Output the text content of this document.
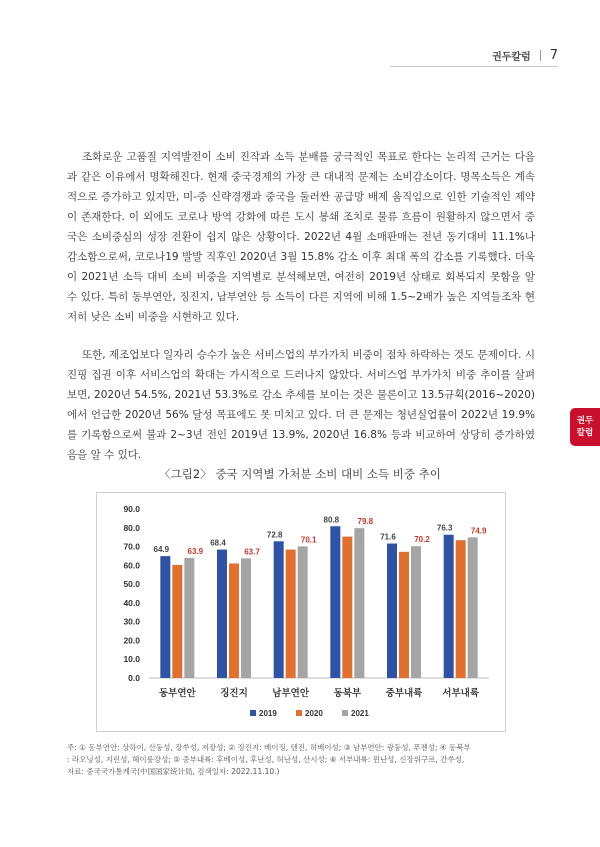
권두칼럼 7

조화로운 고품질 지역발전이 소비 진작과 소득 분배를 궁극적인 목표로 한다는 논리적 근거는 다음과 같은 이유에서 명확해진다. 현재 중국경제의 가장 큰 대내적 문제는 소비감소이다. 명목소득은 계속적으로 증가하고 있지만, 미-중 신략경쟁과 중국을 둘러싼 공급망 배제 움직임으로 인한 기술적인 제약이 존재한다. 이 외에도 코로나 방역 강화에 따른 도시 봉쇄 조치로 물류 흐름이 원활하지 않으면서 중국은 소비중심의 성장 전환이 쉽지 않은 상황이다. 2022년 4월 소매판매는 전년 동기대비 11.1%나 감소함으로써, 코로나19 발발 직후인 2020년 3월 15.8% 감소 이후 최대 폭의 감소를 기록했다. 더욱이 2021년 소득 대비 소비 비중을 지역별로 분석해보면, 여전히 2019년 상태로 회복되지 못함을 알 수 있다. 특히 동부연안, 징진지, 남부연안 등 소득이 다른 지역에 비해 1.5~2배가 높은 지역들조차 현저히 낮은 소비 비중을 시현하고 있다.

또한, 제조업보다 일자리 승수가 높은 서비스업의 부가가치 비중이 점차 하락하는 것도 문제이다. 시진핑 집권 이후 서비스업의 확대는 가시적으로 드러나지 않았다. 서비스업 부가가치 비중 추이를 살펴보면, 2020년 54.5%, 2021년 53.3%로 감소 추세를 보이는 것은 물론이고 13.5규획(2016~2020)에서 언급한 2020년 56% 달성 목표에도 못 미치고 있다. 더 큰 문제는 청년실업률이 2022년 19.9%를 기록함으로써 불과 2~3년 전인 2019년 13.9%, 2020년 16.8% 등과 비교하여 상당히 증가하였음을 알 수 있다.

권두
칼럼
〈그림2〉 중국 지역별 가처분 소비 대비 소득 비중 추이
0.0
10.0
20.0
30.0
40.0
50.0
60.0
70.0
80.0
90.0
64.9 63.9
동부연안
68.4
63.7
징진지
72.8
70.1
남부연안
80.8 79.8
동북부
71.6 70.2
중부내륙
76.3 74.9
서부내륙
2019	2020	2021
주: ① 동부연안: 상하이, 산둥성, 장쑤성, 저장성; ② 징진지: 베이징, 텐진, 허베이성; ③ 남부연안: 광둥성, 푸젠성; ④ 동북부
: 라오닝성, 지린성, 헤이룽장성; ⑤ 중부내륙: 후베이성, 후난성, 허난성, 산시성; ⑥ 서부내륙: 윈난성, 신장위구르, 간쑤성,
자료: 중국국가통계국(中国国家统计局, 검색일자: 2022.11.10.)
